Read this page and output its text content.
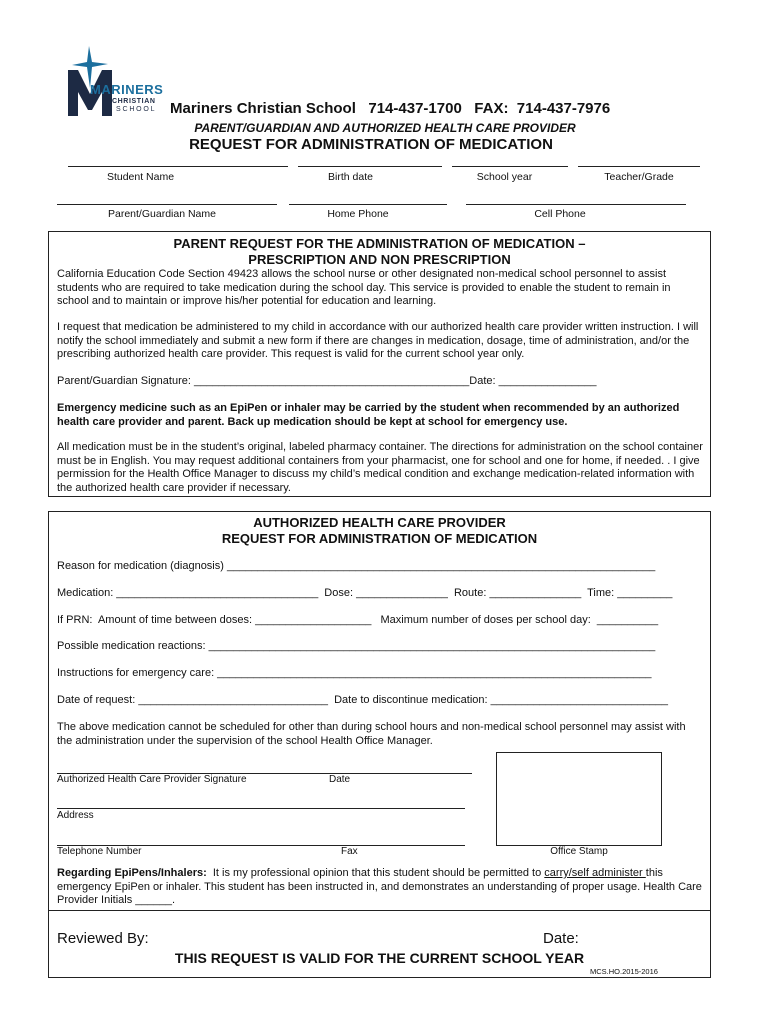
MARINERS
CHRISTIAN
SCHOOL Mariners Christian School   714-437-1700   FAX:  714-437-7976
PARENT/GUARDIAN AND AUTHORIZED HEALTH CARE PROVIDER
REQUEST FOR ADMINISTRATION OF MEDICATION
Student Name	Birth date	School year	Teacher/Grade
Parent/Guardian Name	Home Phone	Cell Phone
PARENT REQUEST FOR THE ADMINISTRATION OF MEDICATION –
PRESCRIPTION AND NON PRESCRIPTION
California Education Code Section 49423 allows the school nurse or other designated non-medical school personnel to assist students who are required to take medication during the school day. This service is provided to enable the student to remain in school and to maintain or improve his/her potential for education and learning.
I request that medication be administered to my child in accordance with our authorized health care provider written instruction. I will notify the school immediately and submit a new form if there are changes in medication, dosage, time of administration, and/or the prescribing authorized health care provider. This request is valid for the current school year only.
Parent/Guardian Signature: _____________________________________________Date: ________________
Emergency medicine such as an EpiPen or inhaler may be carried by the student when recommended by an authorized health care provider and parent. Back up medication should be kept at school for emergency use.
All medication must be in the student’s original, labeled pharmacy container. The directions for administration on the school container must be in English. You may request additional containers from your pharmacist, one for school and one for home, if needed. . I give permission for the Health Office Manager to discuss my child’s medical condition and exchange medication-related information with the authorized health care provider if necessary.
AUTHORIZED HEALTH CARE PROVIDER
REQUEST FOR ADMINISTRATION OF MEDICATION
Reason for medication (diagnosis) ______________________________________________________________________
Medication: _________________________________  Dose: _______________  Route: _______________  Time: _________
If PRN:  Amount of time between doses: ___________________   Maximum number of doses per school day:  __________
Possible medication reactions: _________________________________________________________________________
Instructions for emergency care: _______________________________________________________________________
Date of request: _______________________________  Date to discontinue medication: _____________________________
The above medication cannot be scheduled for other than during school hours and non-medical school personnel may assist with the administration under the supervision of the school Health Office Manager.
Authorized Health Care Provider Signature	Date
Address
Telephone Number	Fax	Office Stamp
Regarding EpiPens/Inhalers:  It is my professional opinion that this student should be permitted to carry/self administer this emergency EpiPen or inhaler. This student has been instructed in, and demonstrates an understanding of proper usage. Health Care Provider Initials ______.
Reviewed By:	Date:
THIS REQUEST IS VALID FOR THE CURRENT SCHOOL YEAR
MCS.HO.2015-2016
